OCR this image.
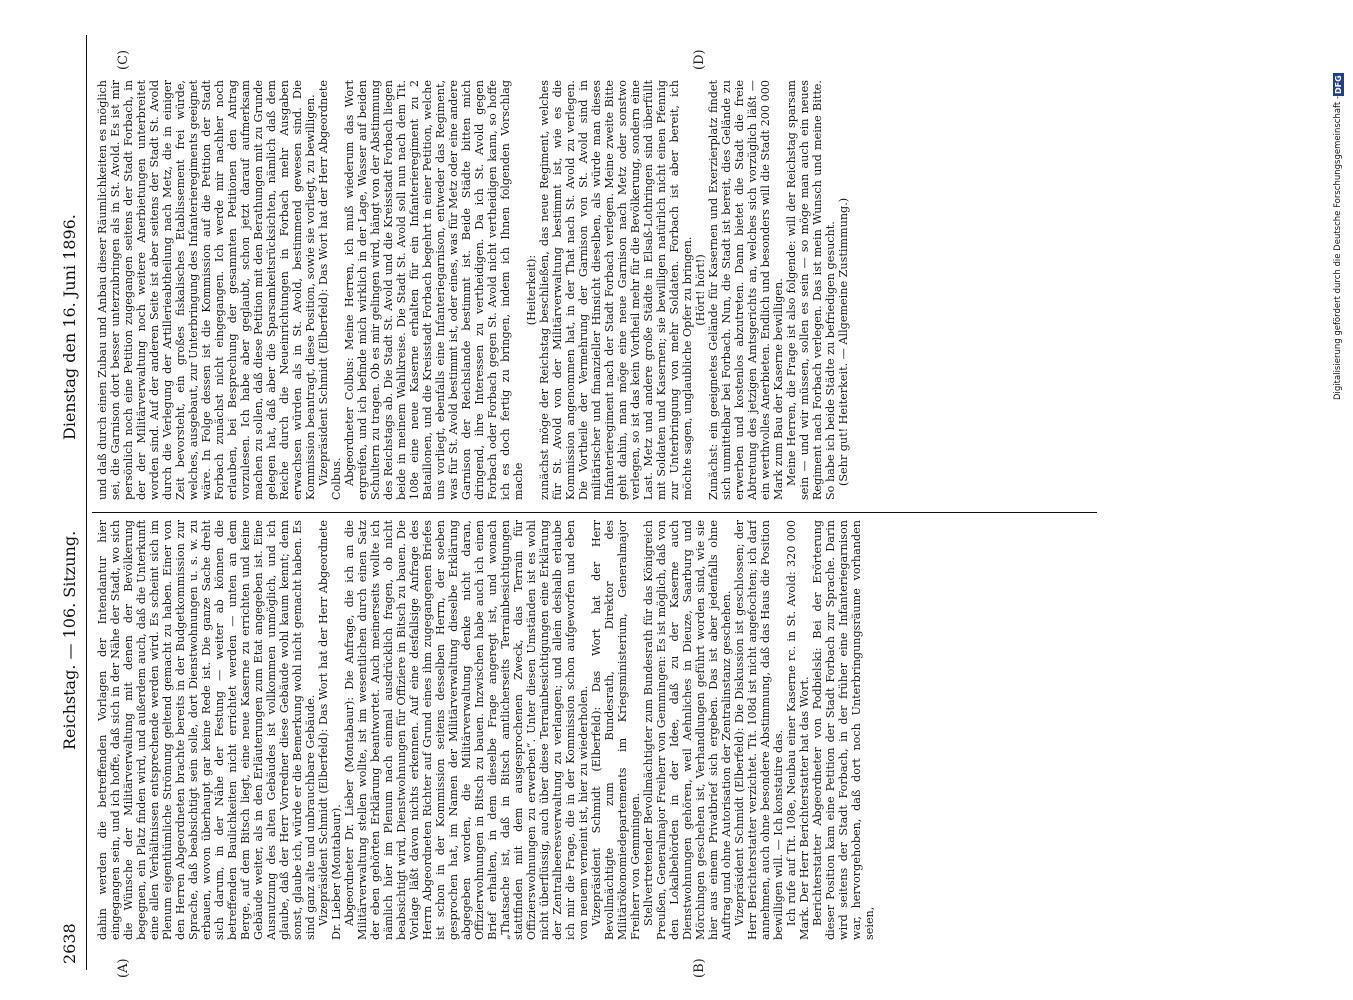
2638
Reichstag. — 106. Sitzung.
Dienstag den 16. Juni 1896.
(A)	(B)
(C)	(D)

dahin werden die betreffenden Vorlagen der Intendantur hier eingegangen sein, und ich hoffe, daß sich in der Nähe der Stadt, wo sich die Wünsche der Militärverwaltung mit denen der Bevölkerung begegnen, ein Platz finden wird, und außerdem auch, daß die Unterkunft eine allen Verhältnissen entsprechende werden wird. Es scheint sich im Plenum eigenthümliche Strömung geltend gemacht zu haben. Einer von den Herren Abgeordneten brachte bereits in der Budgetkommission zur Sprache, daß beabsichtigt sein solle, dort Dienstwohnungen u. s. w. zu erbauen, wovon überhaupt gar keine Rede ist. Die ganze Sache dreht sich darum, in der Nähe der Festung — weiter ab können die betreffenden Baulichkeiten nicht errichtet werden — unten an dem Berge, auf dem Bitsch liegt, eine neue Kaserne zu errichten und keine Gebäude weiter, als in den Erläuterungen zum Etat angegeben ist. Eine Ausnutzung des alten Gebäudes ist vollkommen unmöglich, und ich glaube, daß der Herr Vorredner diese Gebäude wohl kaum kennt; denn sonst, glaube ich, würde er die Bemerkung wohl nicht gemacht haben. Es sind ganz alte und unbrauchbare Gebäude. Vizepräsident Schmidt (Elberfeld): Das Wort hat der Herr Abgeordnete Dr. Lieber (Montabaur). Abgeordneter Dr. Lieber (Montabaur): Die Anfrage, die ich an die Militärverwaltung stellen wollte, ist im wesentlichen durch einen Satz der eben gehörten Erklärung beantwortet. Auch meinerseits wollte ich nämlich hier im Plenum nach einmal ausdrücklich fragen, ob nicht beabsichtigt wird, Dienstwohnungen für Offiziere in Bitsch zu bauen. Die Vorlage läßt davon nichts erkennen. Auf eine desfallsige Anfrage des Herrn Abgeordneten Richter auf Grund eines ihm zugegangenen Briefes ist schon in der Kommission seitens desselben Herrn, der soeben gesprochen hat, im Namen der Militärverwaltung dieselbe Erklärung abgegeben worden, die Militärverwaltung denke nicht daran, Offizierwohnungen in Bitsch zu bauen. Inzwischen habe auch ich einen Brief erhalten, in dem dieselbe Frage angeregt ist, und wonach „Thatsache ist, daß in Bitsch amtlicherseits Terrainbesichtigungen stattfinden mit dem ausgesprochenen Zweck, das Terrain für Offizierswohnungen zu erwerben“. Unter diesen Umständen ist es wohl nicht überflüssig, auch über diese Terrainbesichtigungen eine Erklärung der Zentralheeresverwaltung zu verlangen; und allein deshalb erlaube ich mir die Frage, die in der Kommission schon aufgeworfen und eben von neuem verneint ist, hier zu wiederholen. Vizepräsident Schmidt (Elberfeld): Das Wort hat der Herr Bevollmächtigte zum Bundesrath, Direktor des Militärökonomiedepartements im Kriegsministerium, Generalmajor Freiherr von Gemmingen. Stellvertretender Bevollmächtigter zum Bundesrath für das Königreich Preußen, Generalmajor Freiherr von Gemmingen: Es ist möglich, daß von den Lokalbehörden in der Idee, daß zu der Kaserne auch Dienstwohnungen gehören, weil Aehnliches in Dieuze, Saarburg und Mörchingen geschehen ist, Verhandlungen geführt worden sind, wie sie hier aus einem Privatbrief sich ergeben. Das ist aber jedenfalls ohne Auftrag und ohne Autorisation der Zentralinstanz geschehen. Vizepräsident Schmidt (Elberfeld): Die Diskussion ist geschlossen; der Herr Berichterstatter verzichtet. Tit. 108d ist nicht angefochten; ich darf annehmen, auch ohne besondere Abstimmung, daß das Haus die Position bewilligen will. — Ich konstatire das. Ich rufe auf Tit. 108e, Neubau einer Kaserne rc. in St. Avold: 320 000 Mark. Der Herr Berichterstatter hat das Wort. Berichterstatter Abgeordneter von Podbielski: Bei der Erörterung dieser Position kam eine Petition der Stadt Forbach zur Sprache. Darin wird seitens der Stadt Forbach, in der früher eine Infanteriegarnison war, hervorgehoben, daß dort noch Unterbringungsräume vorhanden seien,

und daß durch einen Zubau und Anbau dieser Räumlichkeiten es möglich sei, die Garnison dort besser unterzubringen als in St. Avold. Es ist mir persönlich noch eine Petition zugegangen seitens der Stadt Forbach, in der der Militärverwaltung noch weitere Anerbietungen unterbreitet worden sind. Auf der anderen Seite ist aber seitens der Stadt St. Avold durch die Verlegung der Artillerieabtheilung nach Metz, die in einiger Zeit bevorsteht, ein großes fiskalisches Etablissement frei würde, welches, ausgebaut, zur Unterbringung des Infanterieregiments geeignet wäre. In Folge dessen ist die Kommission auf die Petition der Stadt Forbach zunächst nicht eingegangen. Ich werde mir nachher noch erlauben, bei Besprechung der gesammten Petitionen den Antrag vorzulesen. Ich habe aber geglaubt, schon jetzt darauf aufmerksam machen zu sollen, daß diese Petition mit den Berathungen mit zu Grunde gelegen hat, daß aber die Sparsamkeitsrücksichten, nämlich daß dem Reiche durch die Neueinrichtungen in Forbach mehr Ausgaben erwachsen würden als in St. Avold, bestimmend gewesen sind. Die Kommission beantragt, diese Position, sowie sie vorliegt, zu bewilligen. Vizepräsident Schmidt (Elberfeld): Das Wort hat der Herr Abgeordnete Colbus. Abgeordneter Colbus: Meine Herren, ich muß wiederum das Wort ergreifen, und ich befinde mich wirklich in der Lage, Wasser auf beiden Schultern zu tragen. Ob es mir gelingen wird, hängt von der Abstimmung des Reichstags ab. Die Stadt St. Avold und die Kreisstadt Forbach liegen beide in meinem Wahlkreise. Die Stadt St. Avold soll nun nach dem Tit. 108e eine neue Kaserne erhalten für ein Infanterieregiment zu 2 Bataillonen, und die Kreisstadt Forbach begehrt in einer Petition, welche uns vorliegt, ebenfalls eine Infanteriegarnison, entweder das Regiment, was für St. Avold bestimmt ist, oder eines, was für Metz oder eine andere Garnison der Reichslande bestimmt ist. Beide Städte bitten mich dringend, ihre Interessen zu vertheidigen. Da ich St. Avold gegen Forbach oder Forbach gegen St. Avold nicht vertheidigen kann, so hoffe ich es doch fertig zu bringen, indem ich Ihnen folgenden Vorschlag mache

(Heiterkeit): zunächst möge der Reichstag beschließen, das neue Regiment, welches für St. Avold von der Militärverwaltung bestimmt ist, wie es die Kommission angenommen hat, in der That nach St. Avold zu verlegen. Die Vortheile der Vermehrung der Garnison von St. Avold sind in militärischer und finanzieller Hinsicht dieselben, als würde man dieses Infanterieregiment nach der Stadt Forbach verlegen. Meine zweite Bitte geht dahin, man möge eine neue Garnison nach Metz oder sonstwo verlegen, so ist das kein Vortheil mehr für die Bevölkerung, sondern eine Last. Metz und andere große Städte in Elsaß-Lothringen sind überfüllt mit Soldaten und Kasernen; sie bewilligen natürlich nicht einen Pfennig zur Unterbringung von mehr Soldaten. Forbach ist aber bereit, ich möchte sagen, unglaubliche Opfer zu bringen. (Hört! hört!) Zunächst: ein geeignetes Gelände für Kasernen und Exerzierplatz findet sich unmittelbar bei Forbach. Nun, die Stadt ist bereit, dies Gelände zu erwerben und kostenlos abzutreten. Dann bietet die Stadt die freie Abtretung des jetzigen Amtsgerichts an, welches sich vorzüglich läßt — ein werthvolles Anerbieten. Endlich und besonders will die Stadt 200 000 Mark zum Bau der Kaserne bewilligen. Meine Herren, die Frage ist also folgende: will der Reichstag sparsam sein — und wir müssen, sollen es sein — so möge man auch ein neues Regiment nach Forbach verlegen. Das ist mein Wunsch und meine Bitte. So habe ich beide Städte zu befriedigen gesucht. (Sehr gut! Heiterkeit. — Allgemeine Zustimmung.)	Digitalisierung gefördert durch die Deutsche Forschungsgemeinschaft -
DFG
